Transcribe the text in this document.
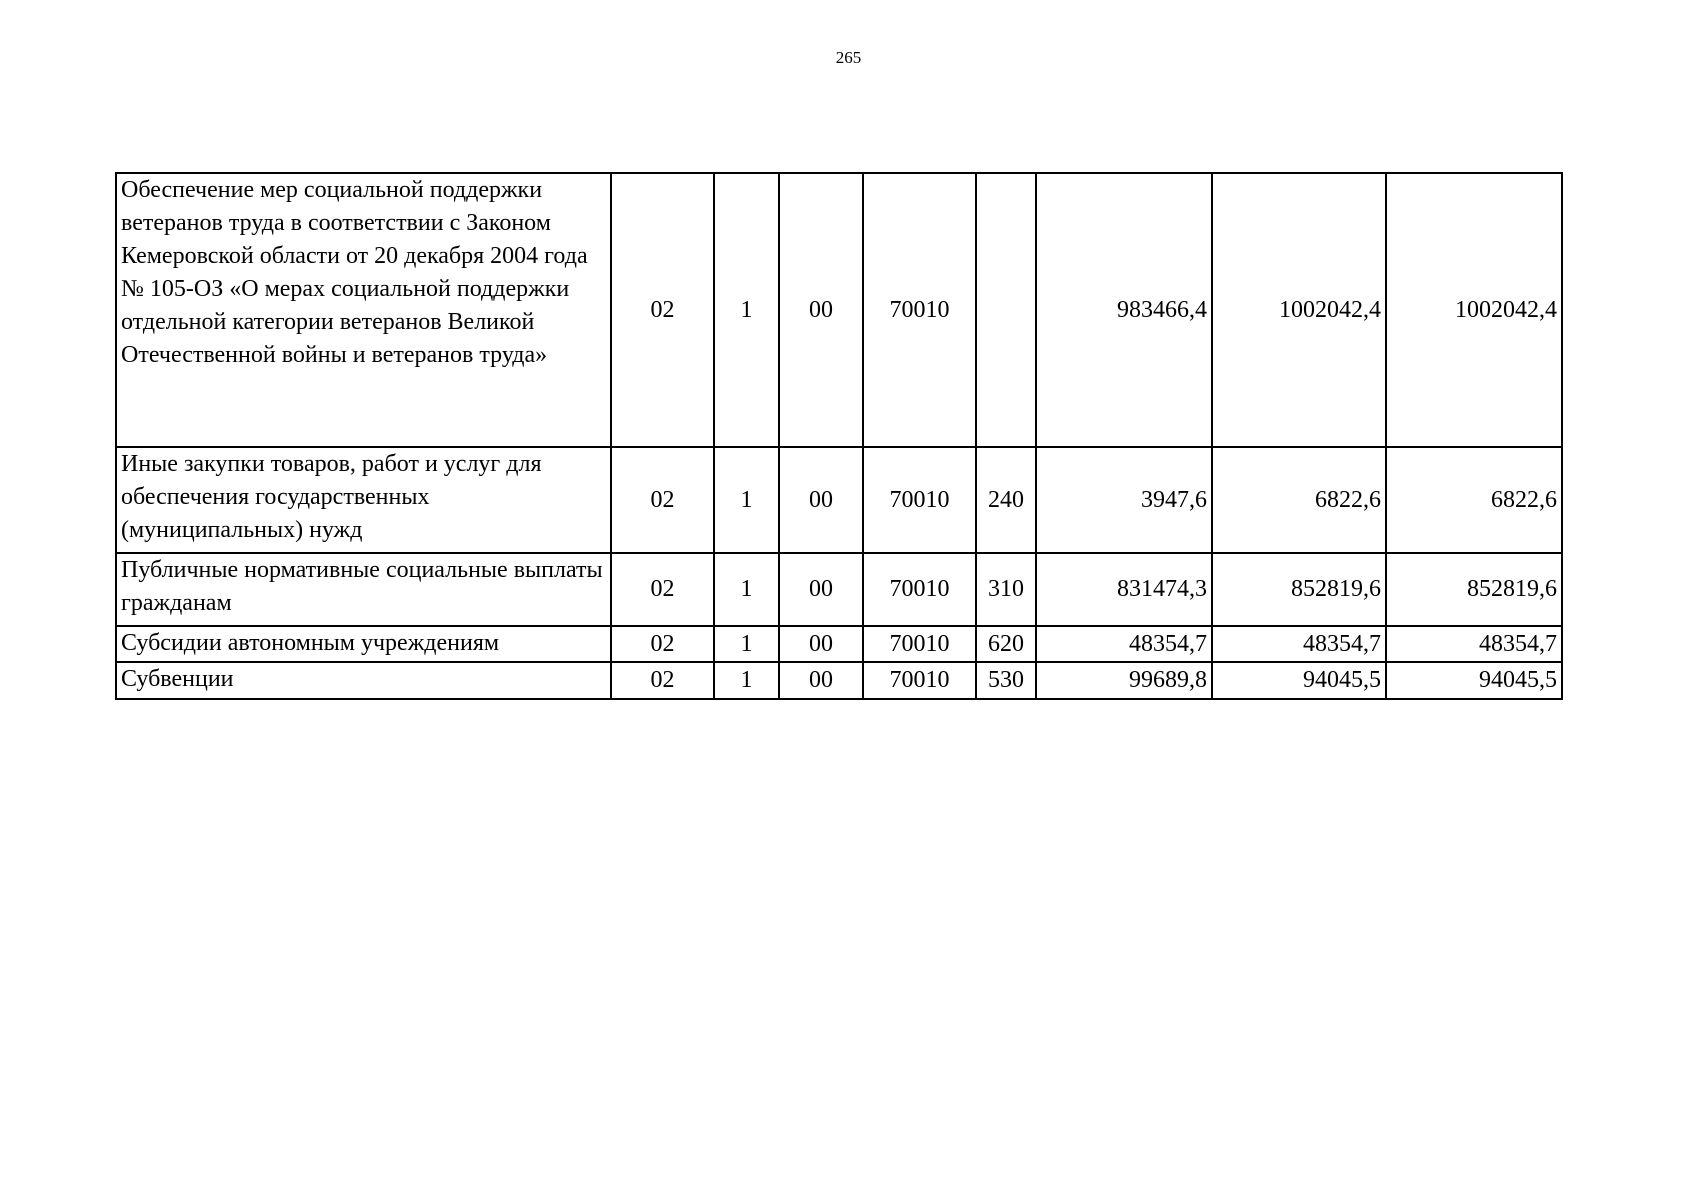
265
Обеспечение мер социальной поддержки ветеранов труда в соответствии с Законом Кемеровской области от 20 декабря 2004 года № 105-ОЗ «О мерах социальной поддержки отдельной категории ветеранов Великой Отечественной войны и ветеранов труда»	02	1	00	70010		983466,4	1002042,4	1002042,4
Иные закупки товаров, работ и услуг для обеспечения государственных (муниципальных) нужд	02	1	00	70010	240	3947,6	6822,6	6822,6
Публичные нормативные социальные выплаты гражданам	02	1	00	70010	310	831474,3	852819,6	852819,6
Субсидии автономным учреждениям	02	1	00	70010	620	48354,7	48354,7	48354,7
Субвенции	02	1	00	70010	530	99689,8	94045,5	94045,5
